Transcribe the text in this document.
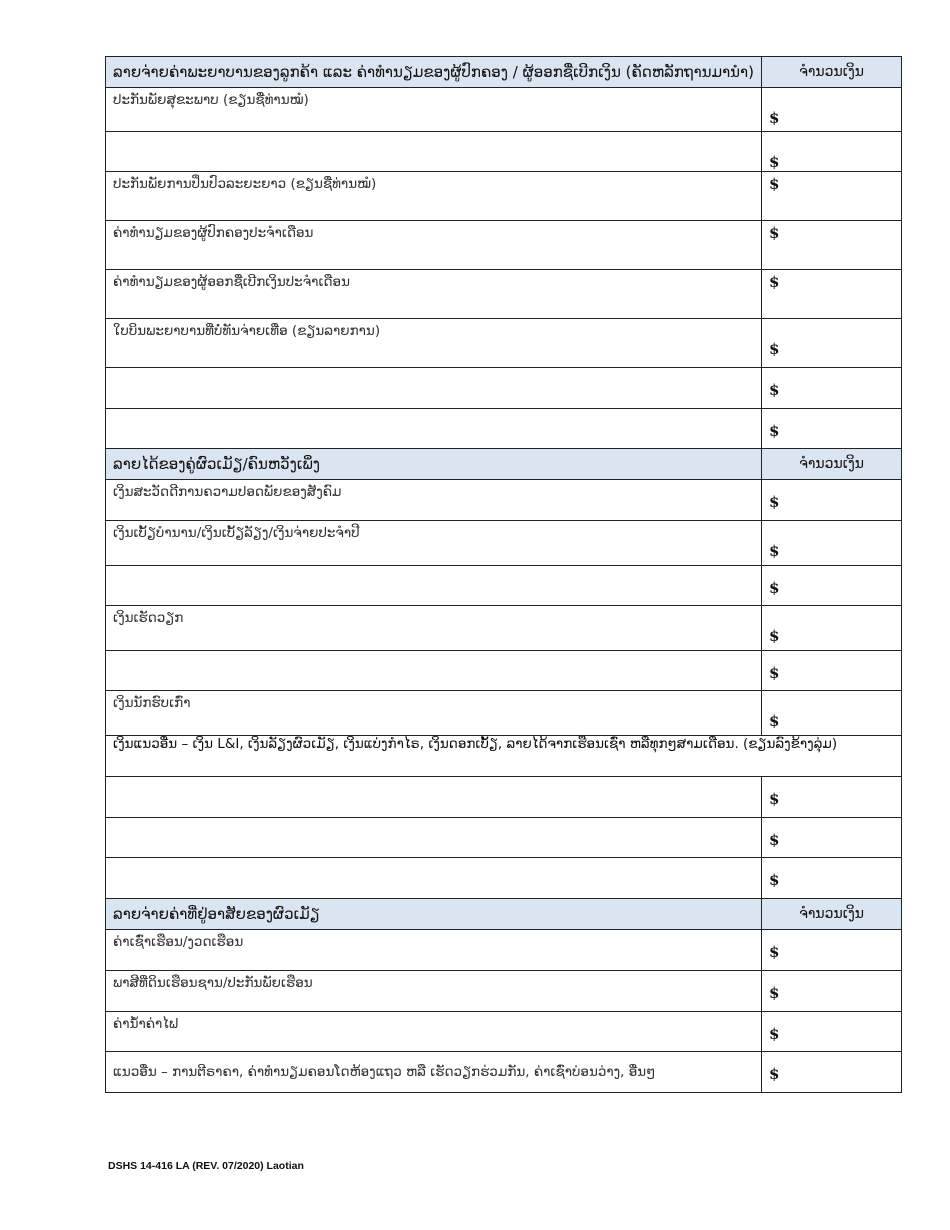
ລາຍຈ່າຍຄ່າພະຍາບານຂອງລູກຄ້າ ແລະ ຄ່າທໍານຽມຂອງຜູ້ປົກຄອງ / ຜູ້ອອກຊື່ເບີກເງິນ (ຄັດຫລັກຖານມານໍາ)	ຈໍານວນເງິນ

ປະກັນພັຍສຸຂະພາບ (ຂຽນຊື່ທ່ານໝໍ)	$

	$

ປະກັນພັຍການປິ່ນປົວລະຍະຍາວ (ຂຽນຊື່ທ່ານໝໍ)	$

ຄ່າທໍານຽມຂອງຜູ້ປົກຄອງປະຈໍາເດືອນ	$

ຄ່າທໍານຽມຂອງຜູ້ອອກຊື່ເບີກເງິນປະຈໍາເດືອນ	$

ໃບບິນພະຍາບານທີ່ບໍ່ທັນຈ່າຍເທື່ອ (ຂຽນລາຍການ)	$

	$

	$

ລາຍໄດ້ຂອງຄູ່ຜົວເມັຽ/ຄົນຫວັງເພິ່ງ	ຈໍານວນເງິນ

ເງິນສະວັດດີການຄວາມປອດພັຍຂອງສັງຄົມ	$

ເງິນເບັ້ຽບໍານານ/ເງິນເບັ້ຽລັຽງ/ເງິນຈ່າຍປະຈໍາປີ	$

	$

ເງິນເຮັດວຽກ	$

	$

ເງິນນັກຮົບເກົ່າ	$

ເງິນແນວອື່ນ – ເງິນ L&I, ເງິນລັຽງຜົວເມັຽ, ເງິນແບ່ງກໍາໄຣ, ເງິນດອກເບັ້ຽ, ລາຍໄດ້ຈາກເຮືອນເຊົ່າ ຫລືທຸກໆສາມເດືອນ. (ຂຽນລົງຂ້າງລຸ່ມ)	

	$

	$

	$

ລາຍຈ່າຍຄ່າທີ່ຢູ່ອາສັຍຂອງຜົວເມັຽ	ຈໍານວນເງິນ

ຄ່າເຊົ່າເຮືອນ/ງວດເຮືອນ	$

ພາສີທີ່ດິນເຮືອນຊານ/ປະກັນພັຍເຮືອນ	$

ຄ່ານໍ້າຄ່າໄຟ	$

ແນວອື່ນ – ການຕີຣາຄາ, ຄ່າທໍານຽມຄອນໂດຫ້ອງແຖວ ຫລື ເຮັດວຽກຮ່ວມກັນ, ຄ່າເຊົ່າບ່ອນວ່າງ, ອື່ນໆ	$
DSHS 14-416 LA (REV. 07/2020) Laotian
